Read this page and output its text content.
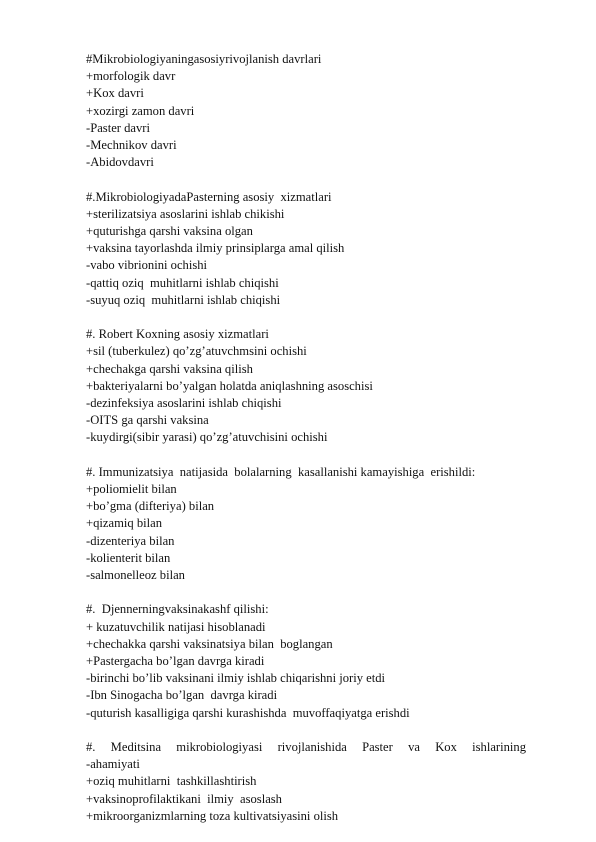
#Mikrobiologiyaningasosiyrivojlanish davrlari
+morfologik davr
+Kox davri
+xozirgi zamon davri
-Paster davri
-Mechnikov davri
-Abidovdavri
#.MikrobiologiyadaPasterning asosiy  xizmatlari
+sterilizatsiya asoslarini ishlab chikishi
+quturishga qarshi vaksina olgan
+vaksina tayorlashda ilmiy prinsiplarga amal qilish
-vabo vibrionini ochishi
-qattiq oziq  muhitlarni ishlab chiqishi
-suyuq oziq  muhitlarni ishlab chiqishi
#. Robert Koxning asosiy xizmatlari
+sil (tuberkulez) qo’zg’atuvchmsini ochishi
+chechakga qarshi vaksina qilish
+bakteriyalarni bo’yalgan holatda aniqlashning asoschisi
-dezinfeksiya asoslarini ishlab chiqishi
-OITS ga qarshi vaksina
-kuydirgi(sibir yarasi) qo’zg’atuvchisini ochishi
#. Immunizatsiya  natijasida  bolalarning  kasallanishi kamayishiga  erishildi:
+poliomielit bilan
+bo’gma (difteriya) bilan
+qizamiq bilan
-dizenteriya bilan
-kolienterit bilan
-salmonelleoz bilan
#.  Djennerningvaksinakashf qilishi:
+ kuzatuvchilik natijasi hisoblanadi
+chechakka qarshi vaksinatsiya bilan  boglangan
+Pastergacha bo’lgan davrga kiradi
-birinchi bo’lib vaksinani ilmiy ishlab chiqarishni joriy etdi
-Ibn Sinogacha bo’lgan  davrga kiradi
-quturish kasalligiga qarshi kurashishda  muvoffaqiyatga erishdi
#. Meditsina mikrobiologiyasi rivojlanishida Paster va Kox ishlarining
-ahamiyati
+oziq muhitlarni  tashkillashtirish
+vaksinoprofilaktikani  ilmiy  asoslash
+mikroorganizmlarning toza kultivatsiyasini olish
